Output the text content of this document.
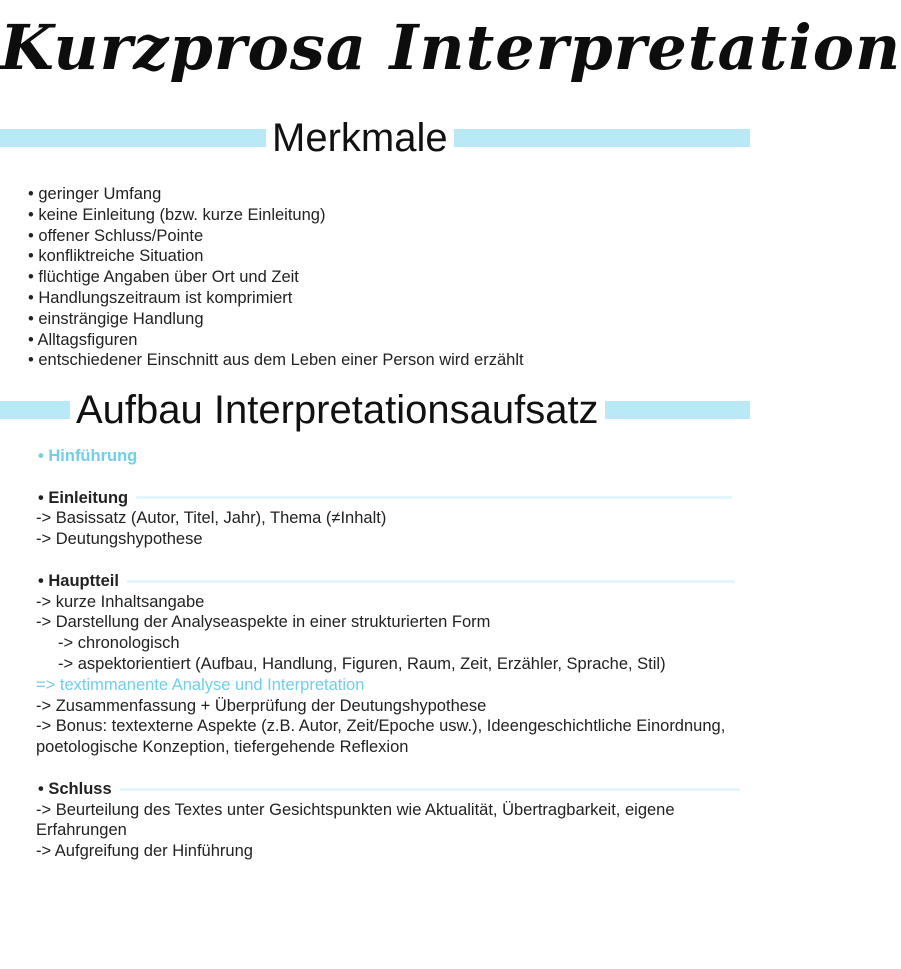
Kurzprosa Interpretation
Merkmale
• geringer Umfang
• keine Einleitung (bzw. kurze Einleitung)
• offener Schluss/Pointe
• konfliktreiche Situation
• flüchtige Angaben über Ort und Zeit
• Handlungszeitraum ist komprimiert
• einsträngige Handlung
• Alltagsfiguren
• entschiedener Einschnitt aus dem Leben einer Person wird erzählt
Aufbau Interpretationsaufsatz
• Hinführung
• Einleitung
-> Basissatz (Autor, Titel, Jahr), Thema (≠Inhalt)
-> Deutungshypothese
• Hauptteil
-> kurze Inhaltsangabe
-> Darstellung der Analyseaspekte in einer strukturierten Form
-> chronologisch
-> aspektorientiert (Aufbau, Handlung, Figuren, Raum, Zeit, Erzähler, Sprache, Stil)
=> textimmanente Analyse und Interpretation
-> Zusammenfassung + Überprüfung der Deutungshypothese
-> Bonus: textexterne Aspekte (z.B. Autor, Zeit/Epoche usw.), Ideengeschichtliche Einordnung, poetologische Konzeption, tiefergehende Reflexion
• Schluss
-> Beurteilung des Textes unter Gesichtspunkten wie Aktualität, Übertragbarkeit, eigene Erfahrungen
-> Aufgreifung der Hinführung
